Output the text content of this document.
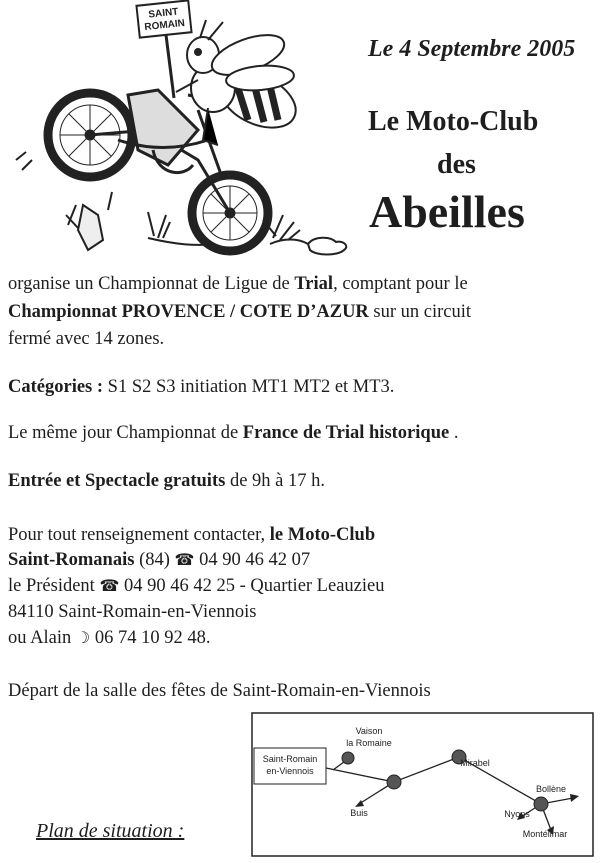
SAINT
ROMAIN
Le 4 Septembre 2005
Le Moto-Club
des
Abeilles
organise un Championnat de Ligue de Trial, comptant pour le
Championnat PROVENCE / COTE D’AZUR sur un circuit
fermé avec 14 zones.
Catégories : S1 S2 S3 initiation MT1 MT2 et MT3.
Le même jour Championnat de France de Trial historique .
Entrée et Spectacle gratuits de 9h à 17 h.
Pour tout renseignement contacter, le Moto-Club
Saint-Romanais (84) ☎ 04 90 46 42 07
le Président ☎ 04 90 46 42 25 - Quartier Leauzieu
84110 Saint-Romain-en-Viennois
ou Alain ☽ 06 74 10 92 48.
Départ de la salle des fêtes de Saint-Romain-en-Viennois
Plan de situation :
Saint-Romain
en-Viennois
Vaison
la Romaine
Mirabel
Buis
Bollène
Nyons
Montélimar
